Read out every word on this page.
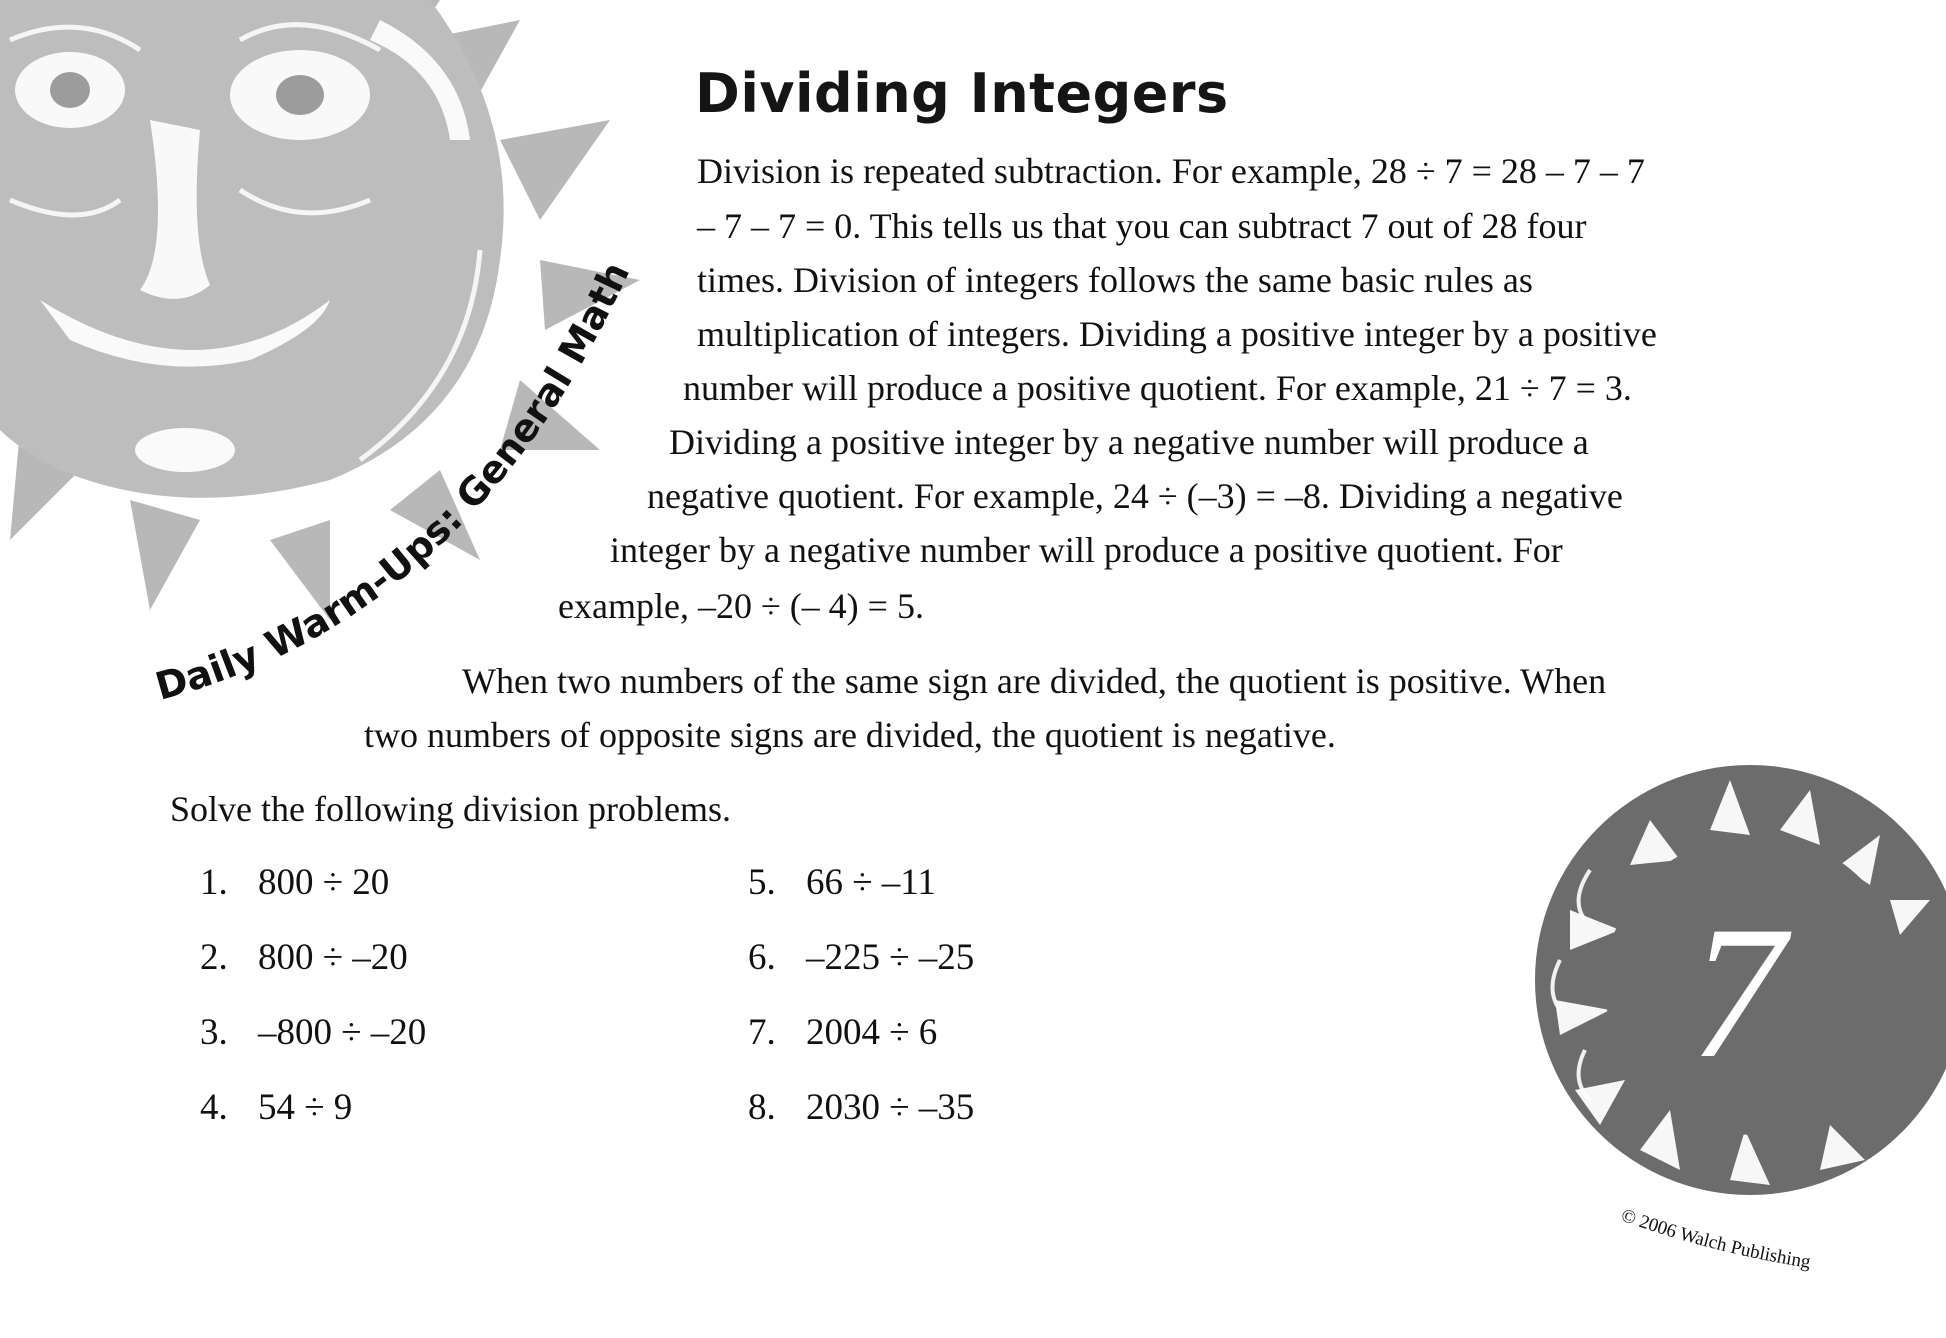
Daily Warm-Ups: General Math
Dividing Integers
Division is repeated subtraction. For example, 28 ÷ 7 = 28 – 7 – 7
– 7 – 7 = 0. This tells us that you can subtract 7 out of 28 four
times. Division of integers follows the same basic rules as
multiplication of integers. Dividing a positive integer by a positive
number will produce a positive quotient. For example, 21 ÷ 7 = 3.
Dividing a positive integer by a negative number will produce a
negative quotient. For example, 24 ÷ (–3) = –8. Dividing a negative
integer by a negative number will produce a positive quotient. For
example, –20 ÷ (– 4) = 5.
When two numbers of the same sign are divided, the quotient is positive. When
two numbers of opposite signs are divided, the quotient is negative.
Solve the following division problems.
1. 800 ÷ 20
2. 800 ÷ –20
3. –800 ÷ –20
4. 54 ÷ 9
5. 66 ÷ –11
6. –225 ÷ –25
7. 2004 ÷ 6
8. 2030 ÷ –35
7
© 2006 Walch Publishing
